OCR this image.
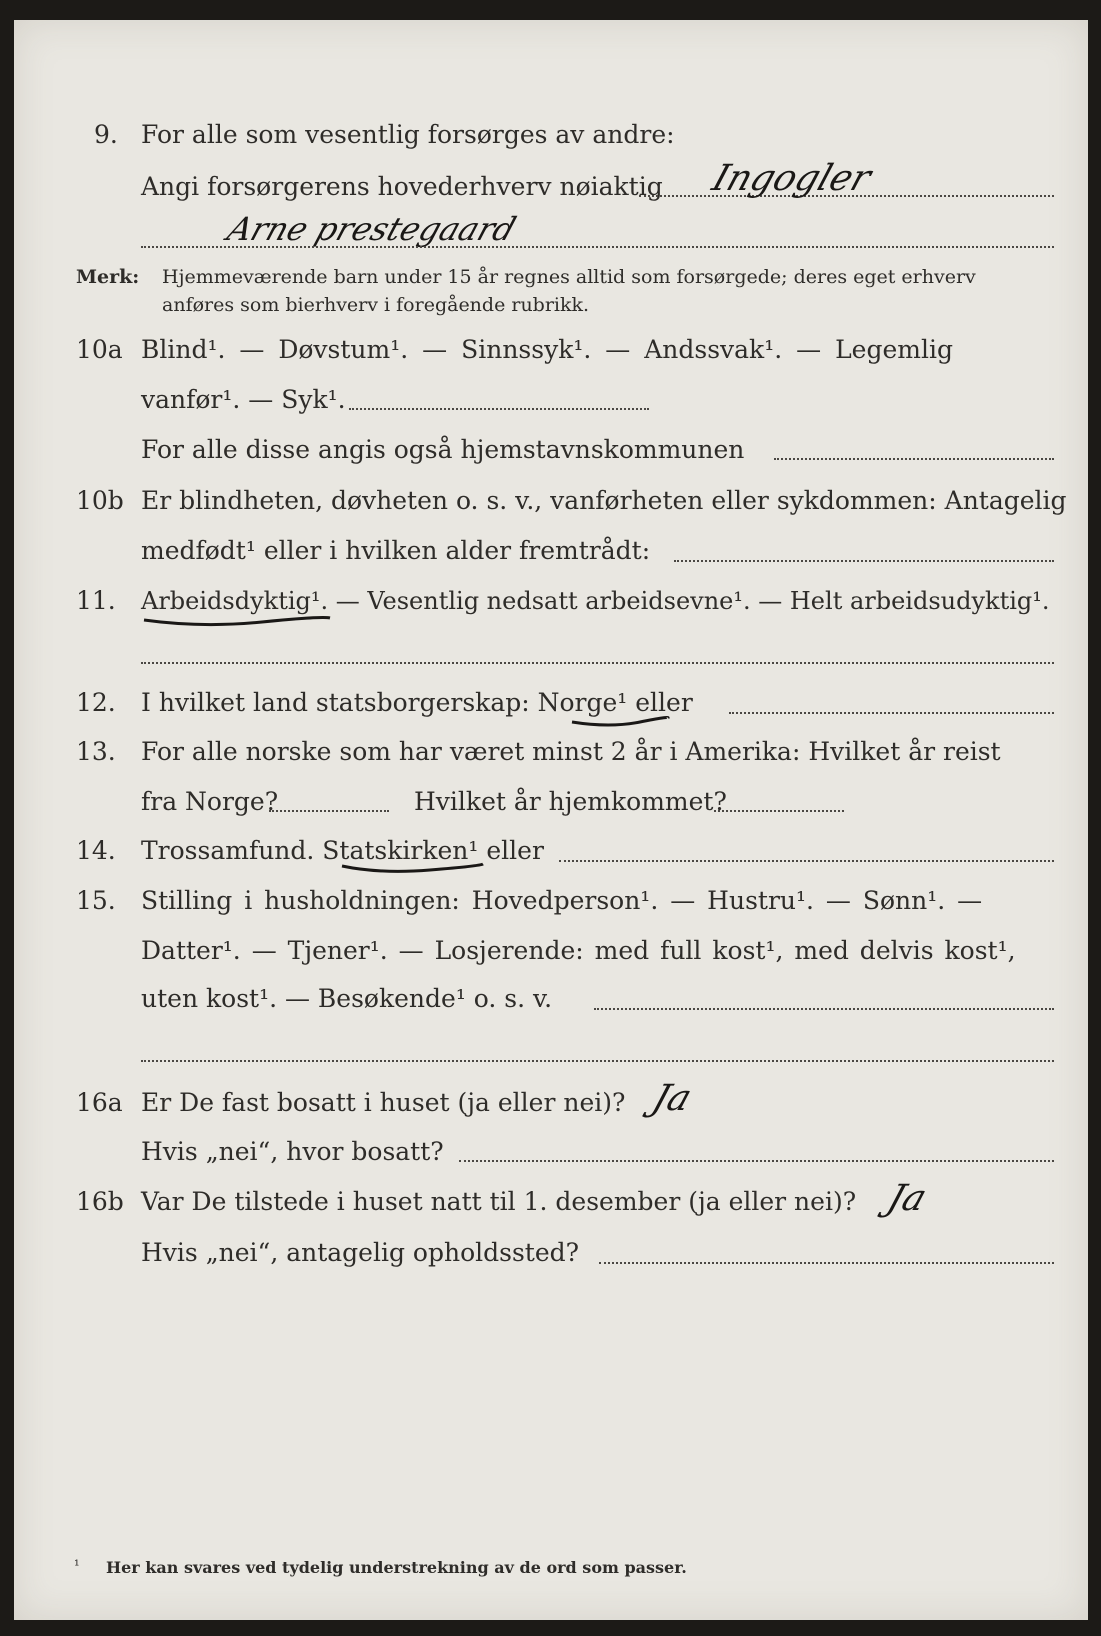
9. For alle som vesentlig forsørges av andre:
Angi forsørgerens hovederhverv nøiaktig Ingogler
Arne prestegaard
Merk: Hjemmeværende barn under 15 år regnes alltid som forsørgede; deres eget erhverv
anføres som bierhverv i foregående rubrikk.
10a Blind¹. — Døvstum¹. — Sinnssyk¹. — Andssvak¹. — Legemlig
vanfør¹. — Syk¹.
For alle disse angis også hjemstavnskommunen
10b Er blindheten, døvheten o. s. v., vanførheten eller sykdommen: Antagelig
medfødt¹ eller i hvilken alder fremtrådt:
11. Arbeidsdyktig¹. — Vesentlig nedsatt arbeidsevne¹. — Helt arbeidsudyktig¹.
12. I hvilket land statsborgerskap: Norge¹ eller
13. For alle norske som har været minst 2 år i Amerika: Hvilket år reist
fra Norge?	Hvilket år hjemkommet?
14. Trossamfund. Statskirken¹ eller
15. Stilling i husholdningen: Hovedperson¹. — Hustru¹. — Sønn¹. —
Datter¹. — Tjener¹. — Losjerende: med full kost¹, med delvis kost¹,
uten kost¹. — Besøkende¹ o. s. v.
16a Er De fast bosatt i huset (ja eller nei)? Ja
Hvis „nei“, hvor bosatt?
16b Var De tilstede i huset natt til 1. desember (ja eller nei)? Ja
Hvis „nei“, antagelig opholdssted?
¹ Her kan svares ved tydelig understrekning av de ord som passer.
